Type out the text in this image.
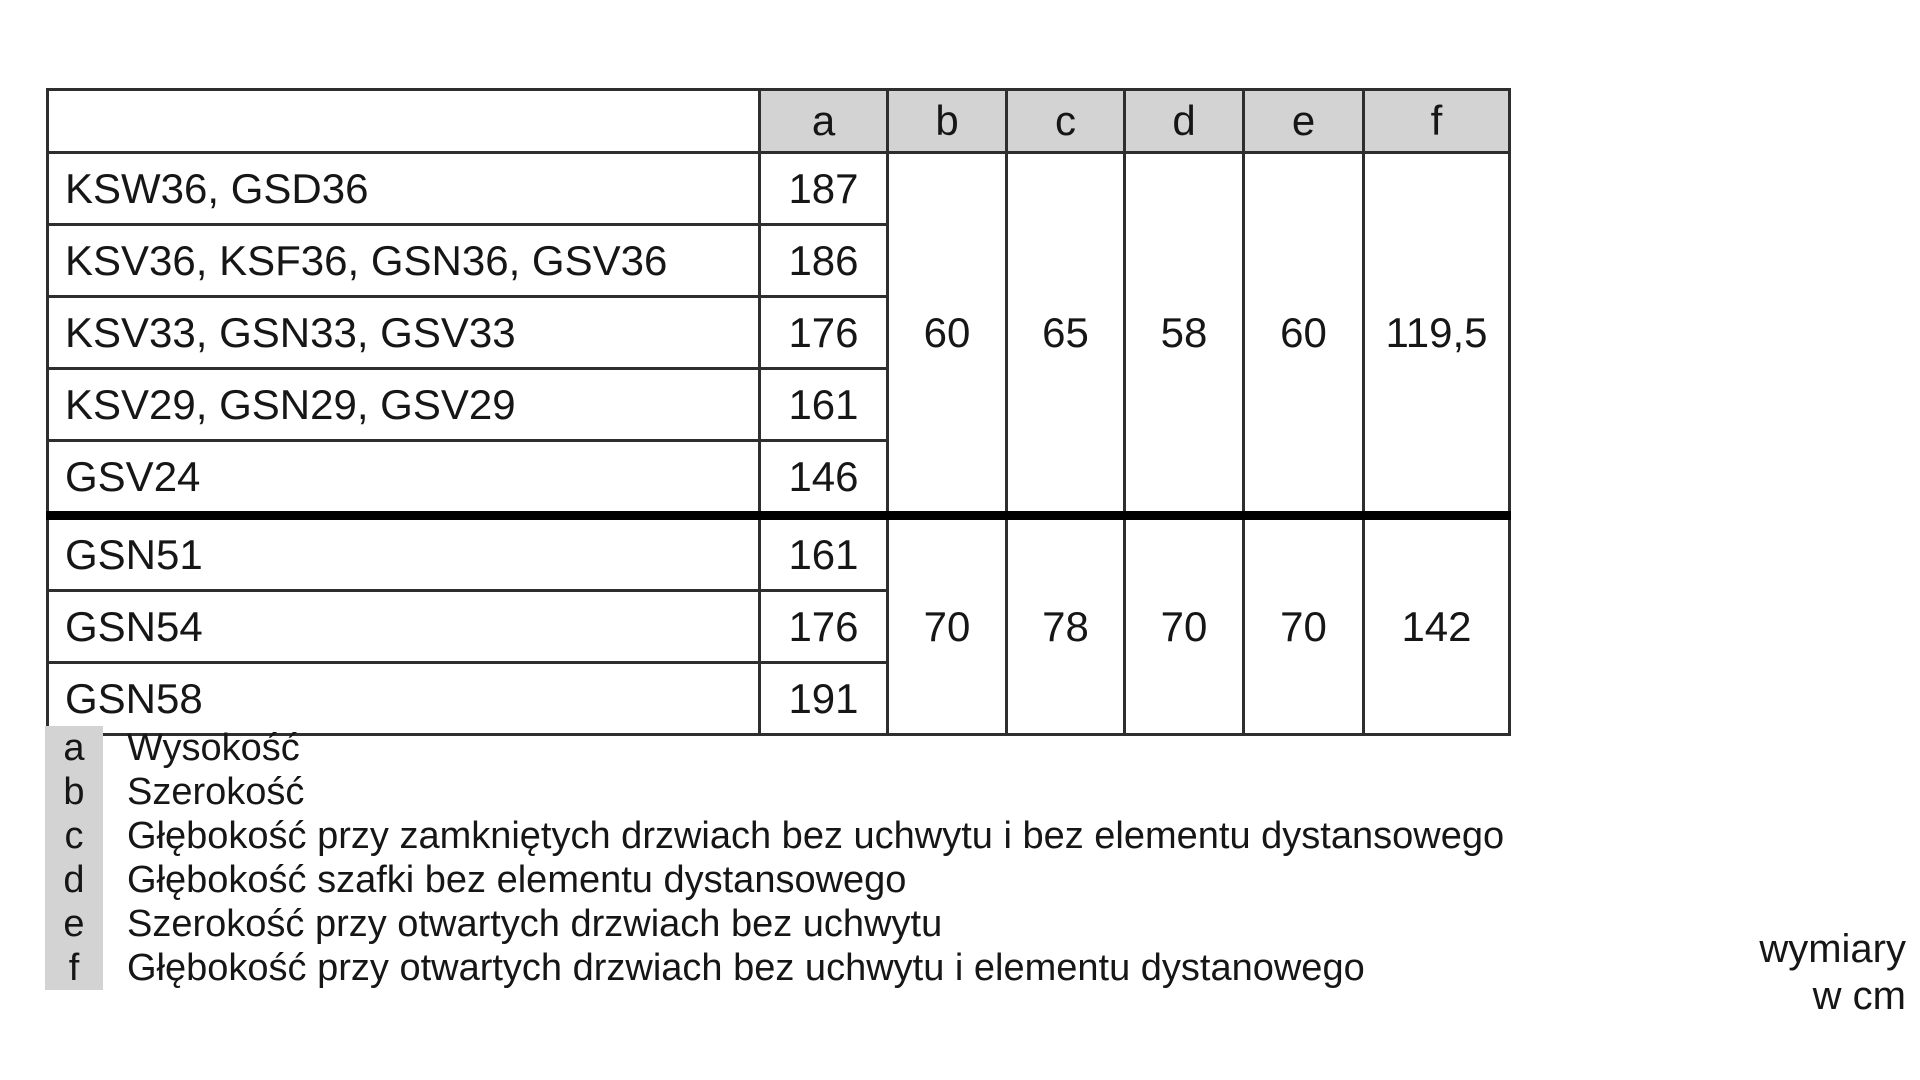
	a	b	c	d	e	f
KSW36, GSD36	187	60	65	58	60	119,5
KSV36, KSF36, GSN36, GSV36	186					
KSV33, GSN33, GSV33	176					
KSV29, GSN29, GSV29	161					
GSV24	146					
GSN51	161	70	78	70	70	142
GSN54	176					
GSN58	191					
a	Wysokość
b	Szerokość
c	Głębokość przy zamkniętych drzwiach bez uchwytu i bez elementu dystansowego
d	Głębokość szafki bez elementu dystansowego
e	Szerokość przy otwartych drzwiach bez uchwytu
f	Głębokość przy otwartych drzwiach bez uchwytu i elementu dystanowego	wymiary
w cm
